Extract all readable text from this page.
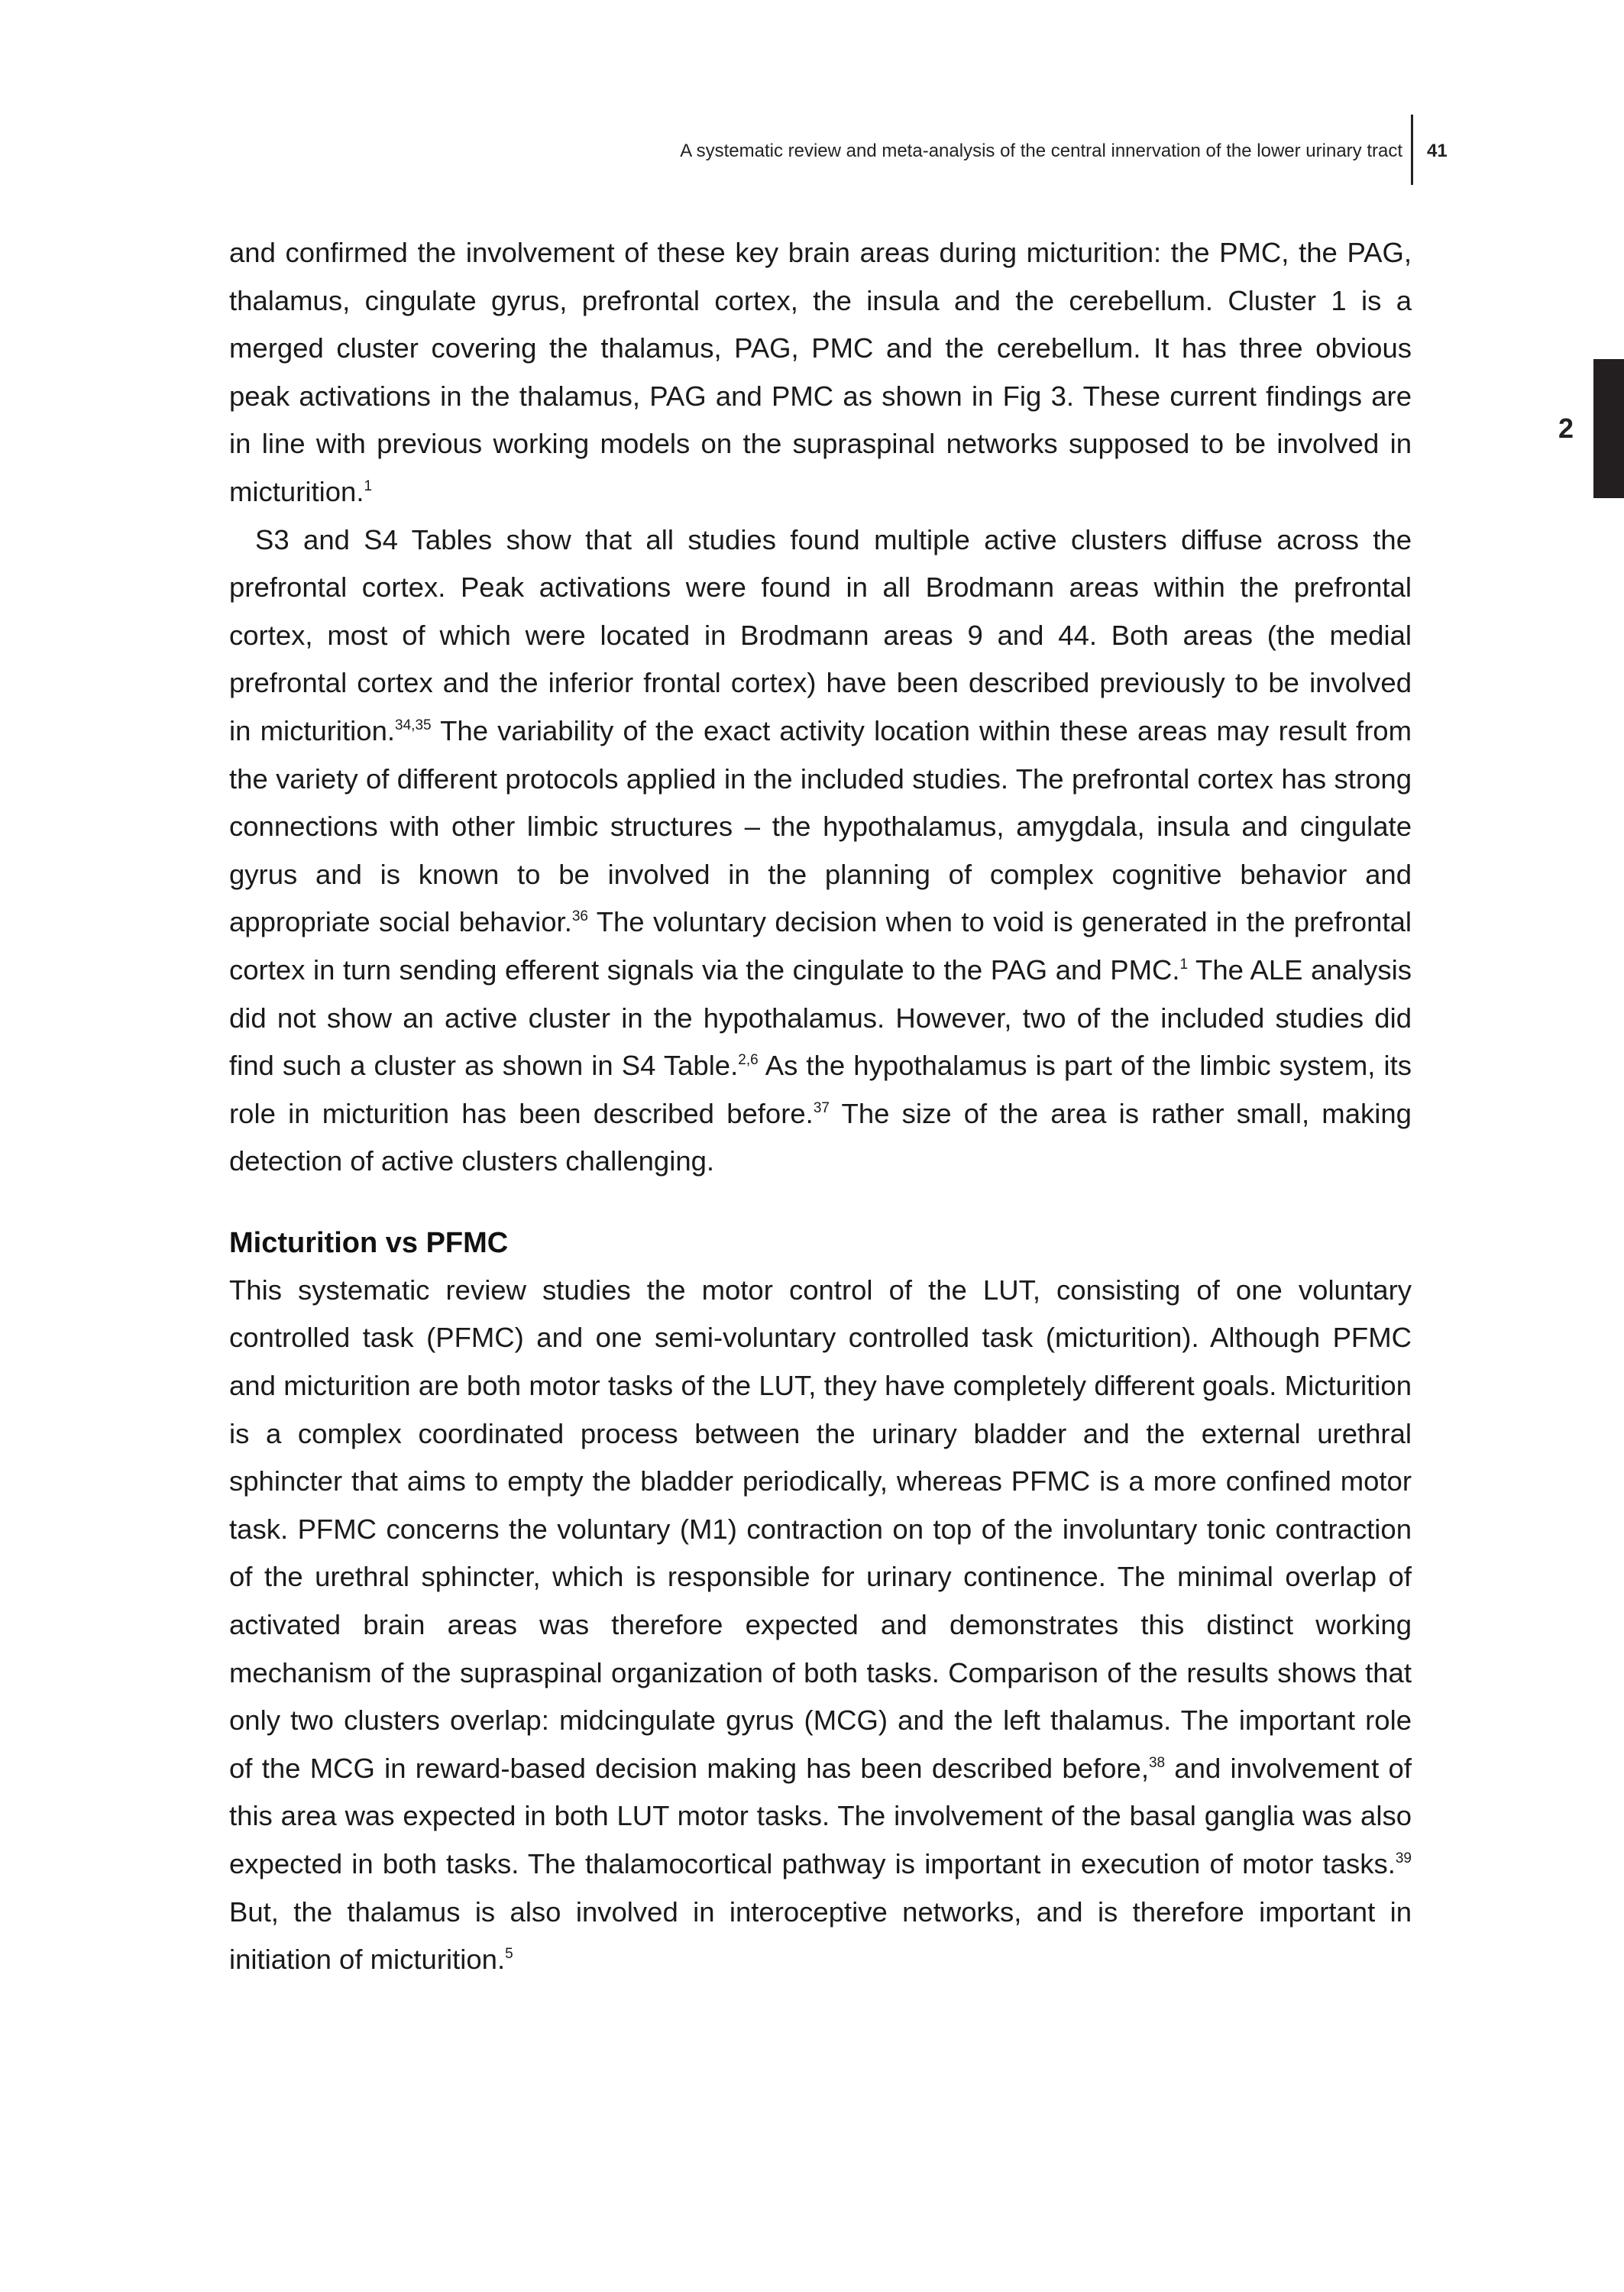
A systematic review and meta-analysis of the central innervation of the lower urinary tract 41
2

and confirmed the involvement of these key brain areas during micturition: the PMC, the PAG, thalamus, cingulate gyrus, prefrontal cortex, the insula and the cerebellum. Cluster 1 is a merged cluster covering the thalamus, PAG, PMC and the cerebellum. It has three obvious peak activations in the thalamus, PAG and PMC as shown in Fig 3. These current findings are in line with previous working models on the supraspinal networks supposed to be involved in micturition.$^1$

S3 and S4 Tables show that all studies found multiple active clusters diffuse across the prefrontal cortex. Peak activations were found in all Brodmann areas within the prefrontal cortex, most of which were located in Brodmann areas 9 and 44. Both areas (the medial prefrontal cortex and the inferior frontal cortex) have been described previously to be involved in micturition.$^{34,35}$ The variability of the exact activity location within these areas may result from the variety of different protocols applied in the included studies. The prefrontal cortex has strong connections with other limbic structures – the hypothalamus, amygdala, insula and cingulate gyrus and is known to be involved in the planning of complex cognitive behavior and appropriate social behavior.$^{36}$ The voluntary decision when to void is generated in the prefrontal cortex in turn sending efferent signals via the cingulate to the PAG and PMC.$^1$ The ALE analysis did not show an active cluster in the hypothalamus. However, two of the included studies did find such a cluster as shown in S4 Table.$^{2,6}$ As the hypothalamus is part of the limbic system, its role in micturition has been described before.$^{37}$ The size of the area is rather small, making detection of active clusters challenging.

Micturition vs PFMC

This systematic review studies the motor control of the LUT, consisting of one voluntary controlled task (PFMC) and one semi-voluntary controlled task (micturition). Although PFMC and micturition are both motor tasks of the LUT, they have completely different goals. Micturition is a complex coordinated process between the urinary bladder and the external urethral sphincter that aims to empty the bladder periodically, whereas PFMC is a more confined motor task. PFMC concerns the voluntary (M1) contraction on top of the involuntary tonic contraction of the urethral sphincter, which is responsible for urinary continence. The minimal overlap of activated brain areas was therefore expected and demonstrates this distinct working mechanism of the supraspinal organization of both tasks. Comparison of the results shows that only two clusters overlap: midcingulate gyrus (MCG) and the left thalamus. The important role of the MCG in reward-based decision making has been described before,$^{38}$ and involvement of this area was expected in both LUT motor tasks. The involvement of the basal ganglia was also expected in both tasks. The thalamocortical pathway is important in execution of motor tasks.$^{39}$ But, the thalamus is also involved in interoceptive networks, and is therefore important in initiation of micturition.$^5$
